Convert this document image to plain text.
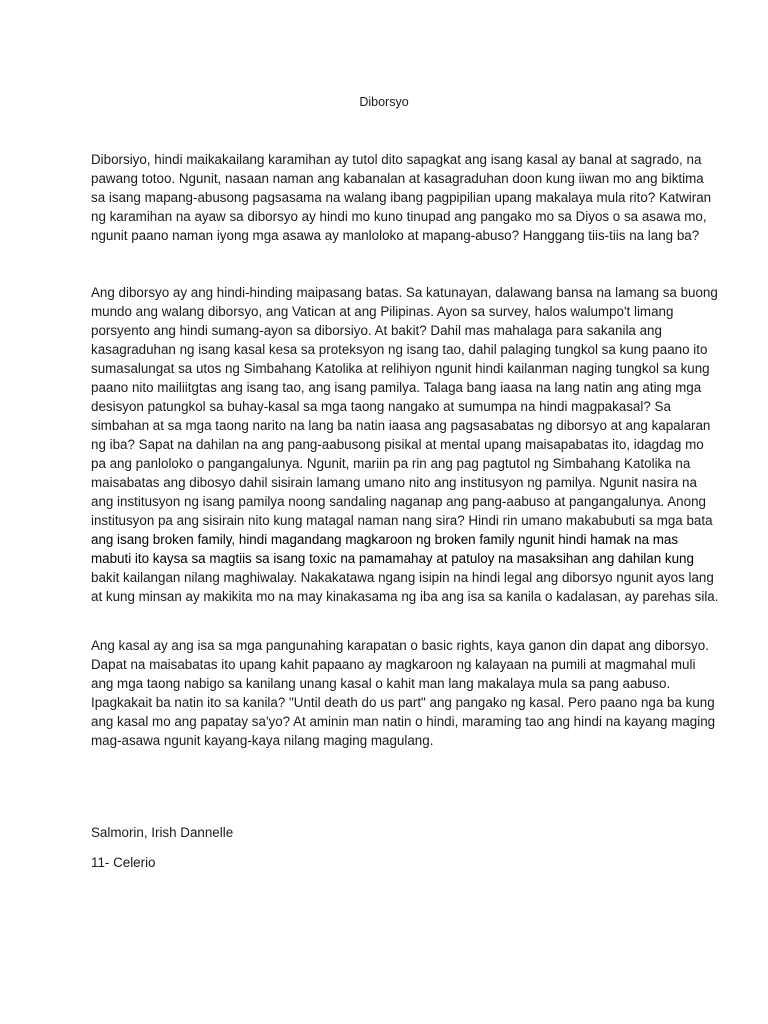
Diborsyo
Diborsiyo, hindi maikakailang karamihan ay tutol dito sapagkat ang isang kasal ay banal at sagrado, na
pawang totoo. Ngunit, nasaan naman ang kabanalan at kasagraduhan doon kung iiwan mo ang biktima
sa isang mapang-abusong pagsasama na walang ibang pagpipilian upang makalaya mula rito? Katwiran
ng karamihan na ayaw sa diborsyo ay hindi mo kuno tinupad ang pangako mo sa Diyos o sa asawa mo,
ngunit paano naman iyong mga asawa ay manloloko at mapang-abuso? Hanggang tiis-tiis na lang ba?
Ang diborsyo ay ang hindi-hinding maipasang batas. Sa katunayan, dalawang bansa na lamang sa buong
mundo ang walang diborsyo, ang Vatican at ang Pilipinas. Ayon sa survey, halos walumpo't limang
porsyento ang hindi sumang-ayon sa diborsiyo. At bakit? Dahil mas mahalaga para sakanila ang
kasagraduhan ng isang kasal kesa sa proteksyon ng isang tao, dahil palaging tungkol sa kung paano ito
sumasalungat sa utos ng Simbahang Katolika at relihiyon ngunit hindi kailanman naging tungkol sa kung
paano nito mailiitgtas ang isang tao, ang isang pamilya. Talaga bang iaasa na lang natin ang ating mga
desisyon patungkol sa buhay-kasal sa mga taong nangako at sumumpa na hindi magpakasal? Sa
simbahan at sa mga taong narito na lang ba natin iaasa ang pagsasabatas ng diborsyo at ang kapalaran
ng iba? Sapat na dahilan na ang pang-aabusong pisikal at mental upang maisapabatas ito, idagdag mo
pa ang panloloko o pangangalunya. Ngunit, mariin pa rin ang pag pagtutol ng Simbahang Katolika na
maisabatas ang dibosyo dahil sisirain lamang umano nito ang institusyon ng pamilya. Ngunit nasira na
ang institusyon ng isang pamilya noong sandaling naganap ang pang-aabuso at pangangalunya. Anong
institusyon pa ang sisirain nito kung matagal naman nang sira? Hindi rin umano makabubuti sa mga bata
ang isang broken family, hindi magandang magkaroon ng broken family ngunit hindi hamak na mas
mabuti ito kaysa sa magtiis sa isang toxic na pamamahay at patuloy na masaksihan ang dahilan kung
bakit kailangan nilang maghiwalay. Nakakatawa ngang isipin na hindi legal ang diborsyo ngunit ayos lang
at kung minsan ay makikita mo na may kinakasama ng iba ang isa sa kanila o kadalasan, ay parehas sila.
Ang kasal ay ang isa sa mga pangunahing karapatan o basic rights, kaya ganon din dapat ang diborsyo.
Dapat na maisabatas ito upang kahit papaano ay magkaroon ng kalayaan na pumili at magmahal muli
ang mga taong nabigo sa kanilang unang kasal o kahit man lang makalaya mula sa pang aabuso.
Ipagkakait ba natin ito sa kanila? "Until death do us part" ang pangako ng kasal. Pero paano nga ba kung
ang kasal mo ang papatay sa'yo? At aminin man natin o hindi, maraming tao ang hindi na kayang maging
mag-asawa ngunit kayang-kaya nilang maging magulang.
Salmorin, Irish Dannelle
11- Celerio
